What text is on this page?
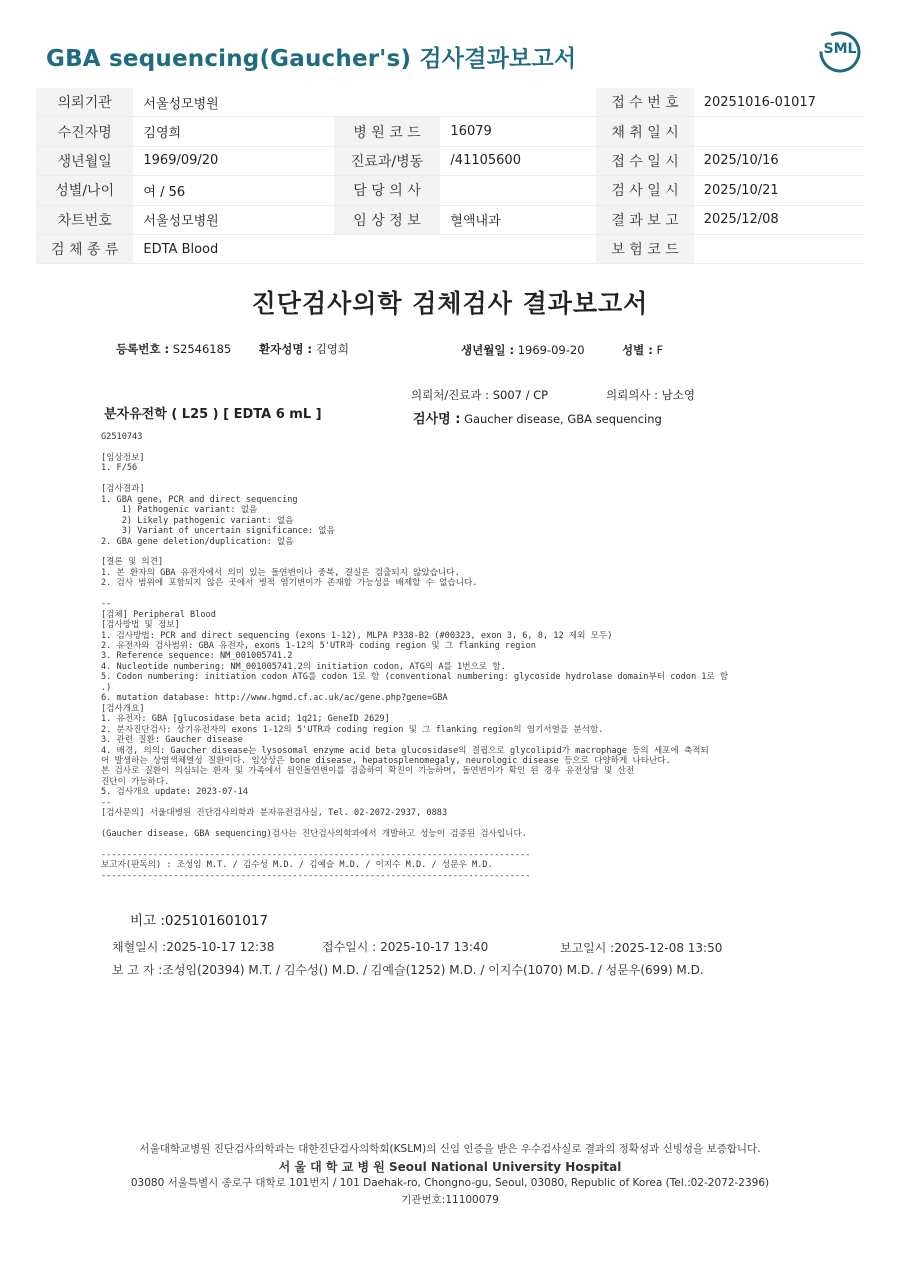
GBA sequencing(Gaucher's) 검사결과보고서	SML
의뢰기관	서울성모병원			접 수 번 호	20251016-01017
수진자명	김영희	병 원 코 드	16079	채 취 일 시	
생년월일	1969/09/20	진료과/병동	/41105600	접 수 일 시	2025/10/16
성별/나이	여 / 56	담 당 의 사		검 사 일 시	2025/10/21
차트번호	서울성모병원	임 상 정 보	혈액내과	결 과 보 고	2025/12/08
검 체 종 류	EDTA Blood			보 험 코 드	
진단검사의학 검체검사 결과보고서
등록번호 : S2546185 환자성명 : 김영희	생년월일 : 1969-09-20	성별 : F
의뢰처/진료과 : S007 / CP	의뢰의사 : 남소영
분자유전학 ( L25 ) [ EDTA 6 mL ]	검사명 : Gaucher disease, GBA sequencing
G2510743
[임상정보]
1. F/56
[검사결과]
1. GBA gene, PCR and direct sequencing
1) Pathogenic variant: 없음
2) Likely pathogenic variant: 없음
3) Variant of uncertain significance: 없음
2. GBA gene deletion/duplication: 없음
[결론 및 의견]
1. 본 환자의 GBA 유전자에서 의미 있는 돌연변이나 중복, 결실은 검출되지 않았습니다.
2. 검사 범위에 포함되지 않은 곳에서 병적 염기변이가 존재할 가능성을 배제할 수 없습니다.
--
[검체] Peripheral Blood
[검사방법 및 정보]
1. 검사방법: PCR and direct sequencing (exons 1-12), MLPA P338-B2 (#00323, exon 3, 6, 8, 12 제외 모두)
2. 유전자와 검사범위: GBA 유전자, exons 1-12의 5'UTR과 coding region 및 그 flanking region
3. Reference sequence: NM_001005741.2
4. Nucleotide numbering: NM_001005741.2의 initiation codon, ATG의 A를 1번으로 함.
5. Codon numbering: initiation codon ATG를 codon 1로 함 (conventional numbering: glycoside hydrolase domain부터 codon 1로 함
.)
6. mutation database: http://www.hgmd.cf.ac.uk/ac/gene.php?gene=GBA
[검사개요]
1. 유전자: GBA [glucosidase beta acid; 1q21; GeneID 2629]
2. 분자진단검사: 상기유전자의 exons 1-12의 5'UTR과 coding region 및 그 flanking region의 염기서열을 분석함.
3. 관련 질환: Gaucher disease
4. 배경, 의의: Gaucher disease는 lysosomal enzyme acid beta glucosidase의 결핍으로 glycolipid가 macrophage 등의 세포에 축적되
어 발생하는 상염색체열성 질환이다. 임상상은 bone disease, hepatosplenomegaly, neurologic disease 등으로 다양하게 나타난다.
본 검사로 질환이 의심되는 환자 및 가족에서 원인돌연변이를 검출하여 확진이 가능하며, 돌연변이가 확인 된 경우 유전상담 및 산전
진단이 가능하다.
5. 검사개요 update: 2023-07-14
--
[검사문의] 서울대병원 진단검사의학과 분자유전검사실, Tel. 02-2072-2937, 0883
(Gaucher disease, GBA sequencing)검사는 진단검사의학과에서 개발하고 성능이 검증된 검사입니다.
-----------------------------------------------------------------------------------
보고자(판독의) : 조성임 M.T. / 김수성 M.D. / 김예슬 M.D. / 이지수 M.D. / 성문우 M.D.
-----------------------------------------------------------------------------------
비고 :025101601017
채혈일시 :2025-10-17 12:38	접수일시 : 2025-10-17 13:40	보고일시 :2025-12-08 13:50
보 고 자 :조성임(20394) M.T. / 김수성() M.D. / 김예슬(1252) M.D. / 이지수(1070) M.D. / 성문우(699) M.D.
서울대학교병원 진단검사의학과는 대한진단검사의학회(KSLM)의 신임 인증을 받은 우수검사실로 결과의 정확성과 신빙성을 보증합니다.
서 울 대 학 교 병 원 Seoul National University Hospital
03080 서울특별시 종로구 대학로 101번지 / 101 Daehak-ro, Chongno-gu, Seoul, 03080, Republic of Korea (Tel.:02-2072-2396)
기관번호:11100079
